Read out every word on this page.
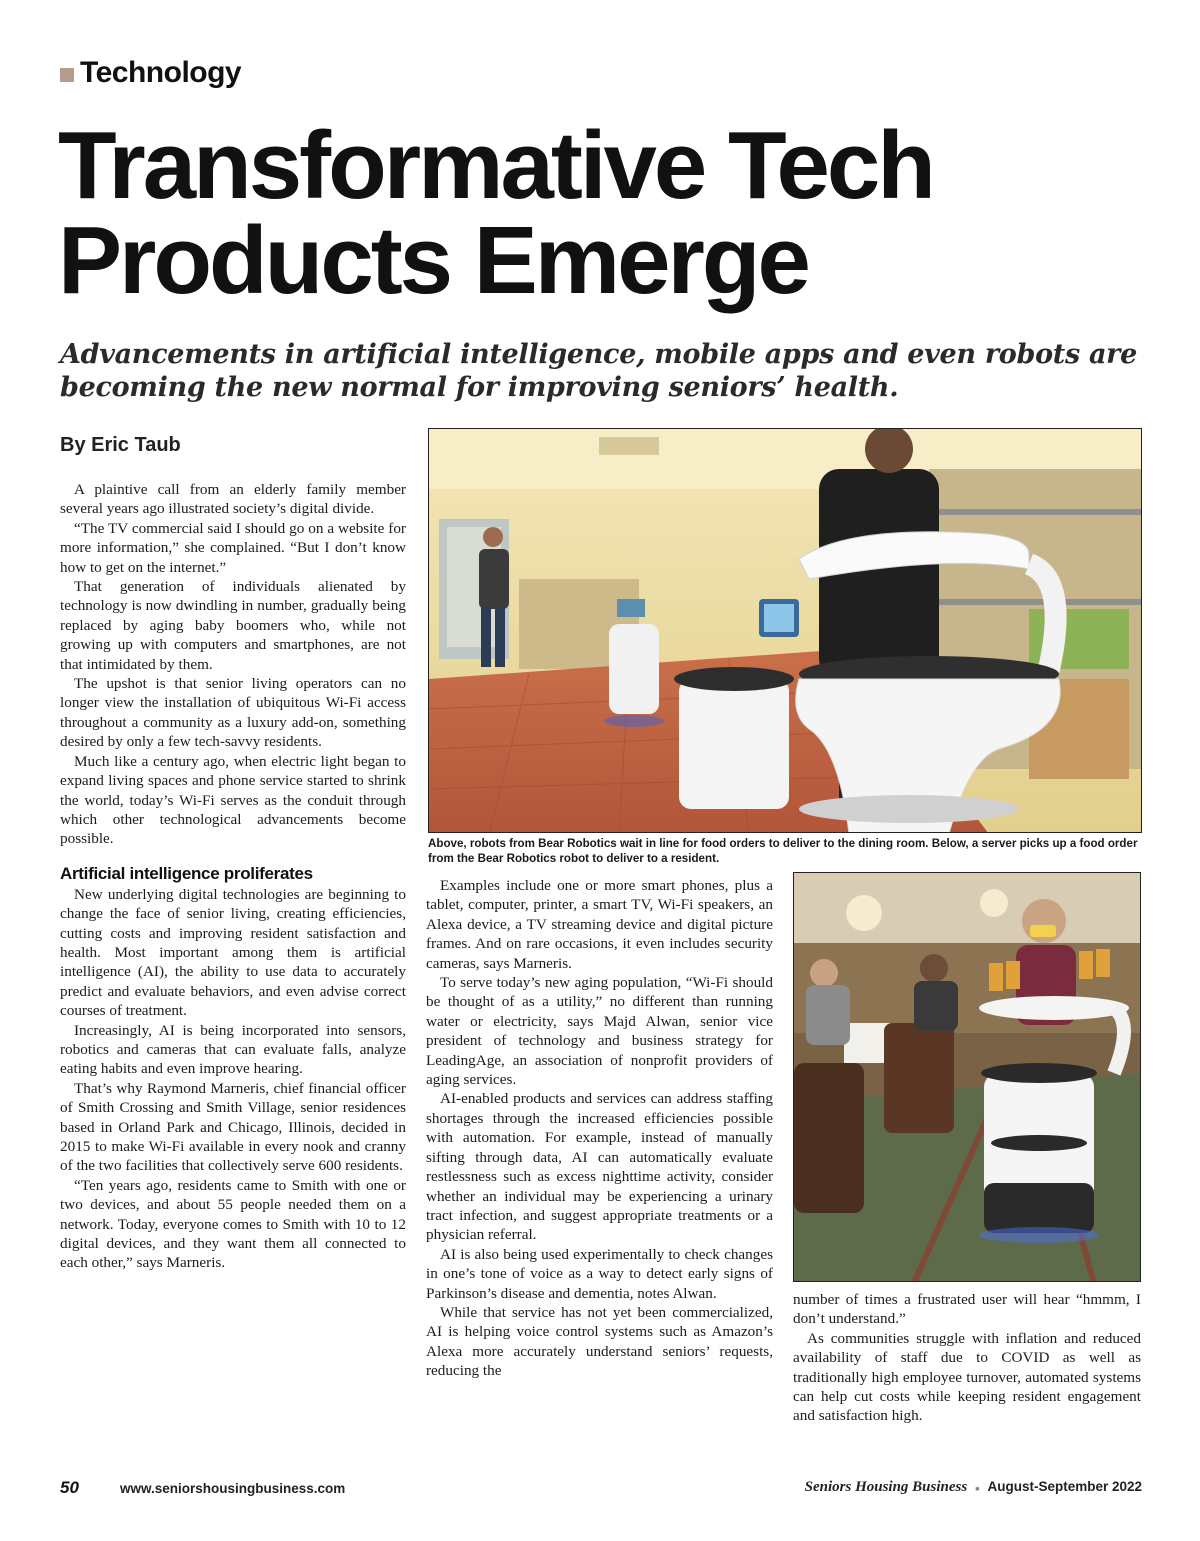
Technology
Transformative Tech
Products Emerge
Advancements in artificial intelligence, mobile apps and even robots are becoming the new normal for improving seniors’ health.
By Eric Taub

A plaintive call from an elderly family member several years ago illustrated society’s digital divide.

“The TV commercial said I should go on a website for more information,” she complained. “But I don’t know how to get on the internet.”

That generation of individuals alienated by technology is now dwindling in number, gradually being replaced by aging baby boomers who, while not growing up with computers and smartphones, are not that intimidated by them.

The upshot is that senior living operators can no longer view the installation of ubiquitous Wi-Fi access throughout a community as a luxury add-on, something desired by only a few tech-savvy residents.

Much like a century ago, when electric light began to expand living spaces and phone service started to shrink the world, today’s Wi-Fi serves as the conduit through which other technological advancements become possible.

Artificial intelligence proliferates

New underlying digital technologies are beginning to change the face of senior living, creating efficiencies, cutting costs and improving resident satisfaction and health. Most important among them is artificial intelligence (AI), the ability to use data to accurately predict and evaluate behaviors, and even advise correct courses of treatment.

Increasingly, AI is being incorporated into sensors, robotics and cameras that can evaluate falls, analyze eating habits and even improve hearing.

That’s why Raymond Marneris, chief financial officer of Smith Crossing and Smith Village, senior residences based in Orland Park and Chicago, Illinois, decided in 2015 to make Wi-Fi available in every nook and cranny of the two facilities that collectively serve 600 residents.

“Ten years ago, residents came to Smith with one or two devices, and about 55 people needed them on a network. Today, everyone comes to Smith with 10 to 12 digital devices, and they want them all connected to each other,” says Marneris.

Above, robots from Bear Robotics wait in line for food orders to deliver to the dining room. Below, a server picks up a food order from the Bear Robotics robot to deliver to a resident.

Examples include one or more smart phones, plus a tablet, computer, printer, a smart TV, Wi-Fi speakers, an Alexa device, a TV streaming device and digital picture frames. And on rare occasions, it even includes security cameras, says Marneris.

To serve today’s new aging population, “Wi-Fi should be thought of as a utility,” no different than running water or electricity, says Majd Alwan, senior vice president of technology and business strategy for LeadingAge, an association of nonprofit providers of aging services.

AI-enabled products and services can address staffing shortages through the increased efficiencies possible with automation. For example, instead of manually sifting through data, AI can automatically evaluate restlessness such as excess nighttime activity, consider whether an individual may be experiencing a urinary tract infection, and suggest appropriate treatments or a physician referral.

AI is also being used experimentally to check changes in one’s tone of voice as a way to detect early signs of Parkinson’s disease and dementia, notes Alwan.

While that service has not yet been commercialized, AI is helping voice control systems such as Amazon’s Alexa more accurately understand seniors’ requests, reducing the

number of times a frustrated user will hear “hmmm, I don’t understand.”

As communities struggle with inflation and reduced availability of staff due to COVID as well as traditionally high employee turnover, automated systems can help cut costs while keeping resident engagement and satisfaction high.

50	www.seniorshousingbusiness.com	Seniors Housing Business ■ August-September 2022
